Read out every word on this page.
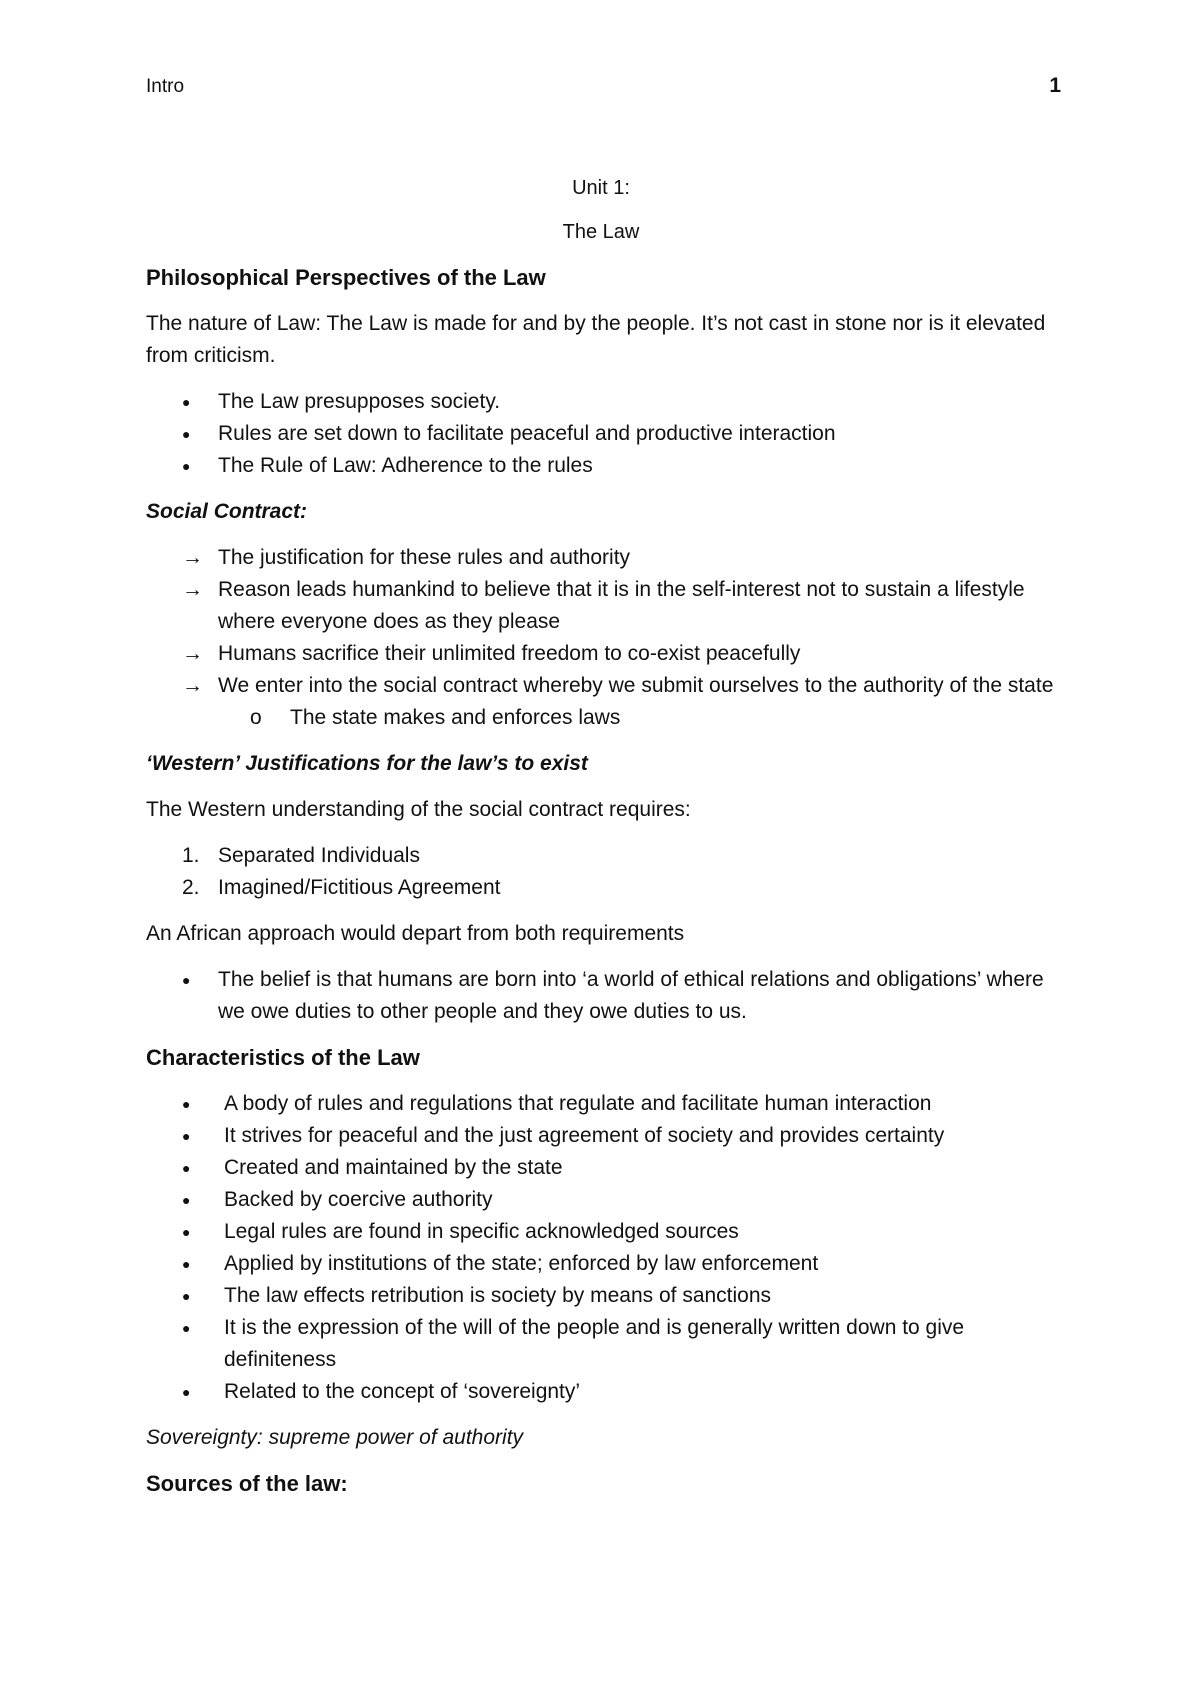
Intro	1

Unit 1:

The Law

Philosophical Perspectives of the Law

The nature of Law: The Law is made for and by the people. It’s not cast in stone nor is it elevated from criticism.

● The Law presupposes society.
● Rules are set down to facilitate peaceful and productive interaction
● The Rule of Law: Adherence to the rules
Social Contract:
→ The justification for these rules and authority
→ Reason leads humankind to believe that it is in the self-interest not to sustain a lifestyle where everyone does as they please
→ Humans sacrifice their unlimited freedom to co-exist peacefully
→ We enter into the social contract whereby we submit ourselves to the authority of the state
o The state makes and enforces laws
‘Western’ Justifications for the law’s to exist

The Western understanding of the social contract requires:

1. Separated Individuals
2. Imagined/Fictitious Agreement

An African approach would depart from both requirements

● The belief is that humans are born into ‘a world of ethical relations and obligations’ where we owe duties to other people and they owe duties to us.
Characteristics of the Law
● A body of rules and regulations that regulate and facilitate human interaction
● It strives for peaceful and the just agreement of society and provides certainty
● Created and maintained by the state
● Backed by coercive authority
● Legal rules are found in specific acknowledged sources
● Applied by institutions of the state; enforced by law enforcement
● The law effects retribution is society by means of sanctions
● It is the expression of the will of the people and is generally written down to give definiteness
● Related to the concept of ‘sovereignty’

Sovereignty: supreme power of authority

Sources of the law:
